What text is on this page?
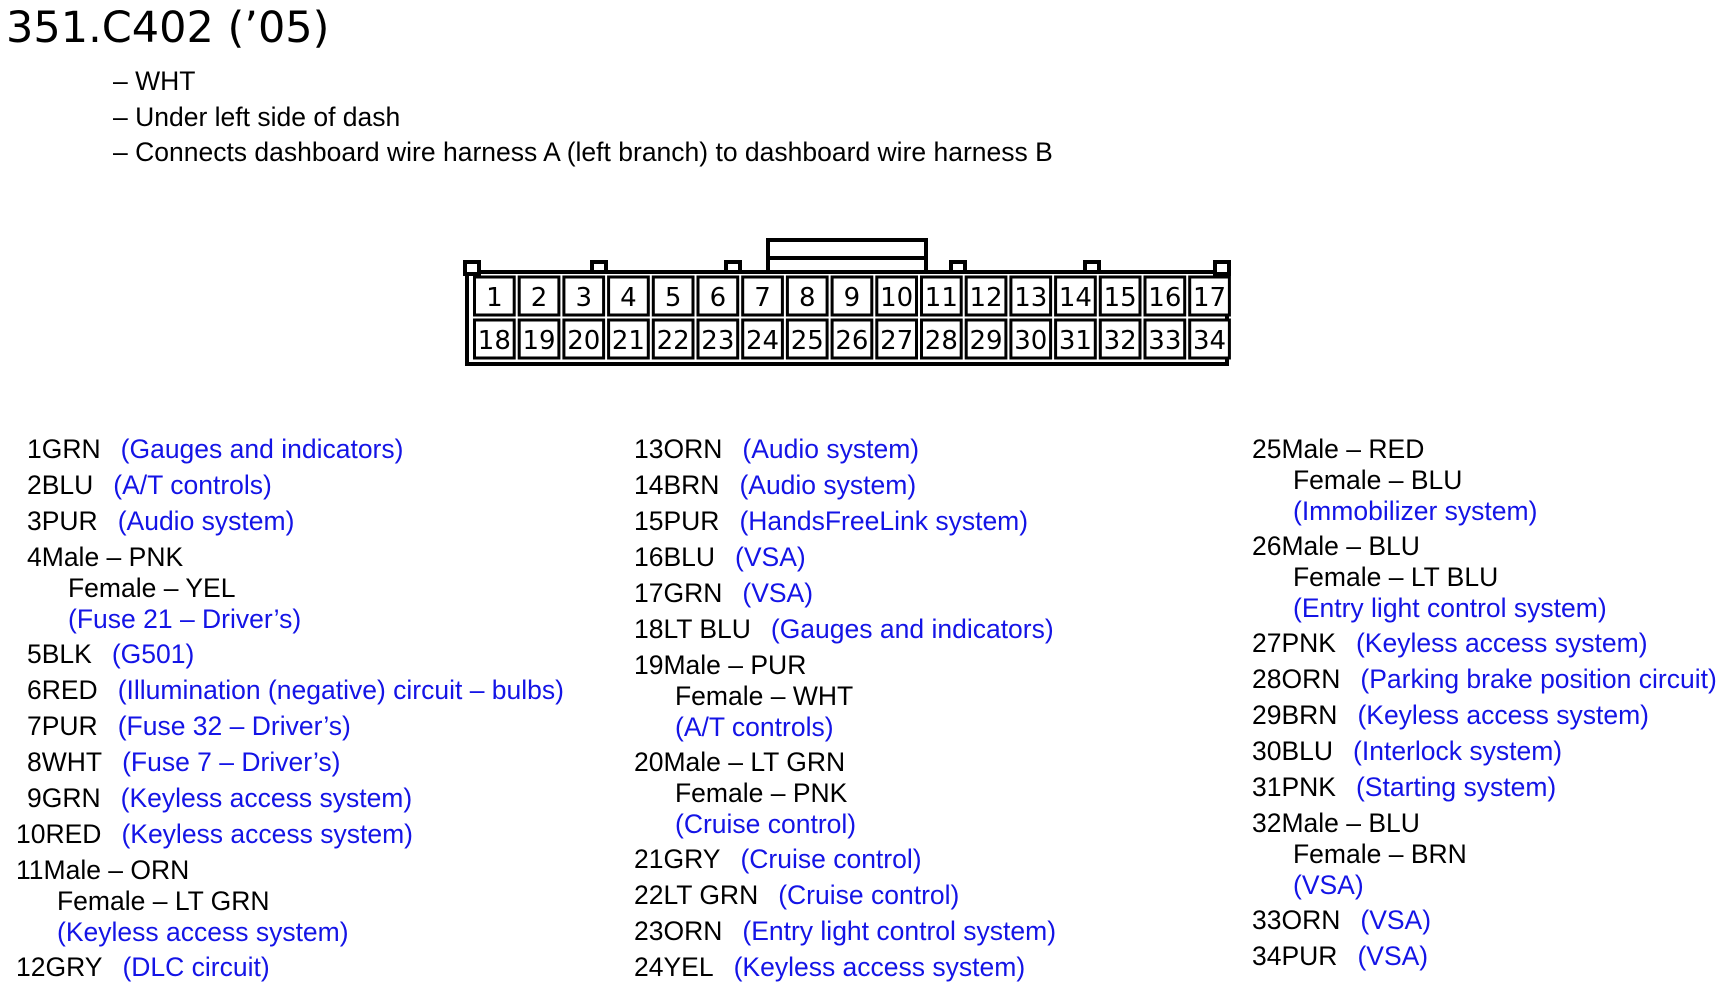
351.C402 (’05)
– WHT
– Under left side of dash
– Connects dashboard wire harness A (left branch) to dashboard wire harness B
1 2 3 4 5 6 7 8 9 10 11 12 13 14 15 16 17
18 19 20 21 22 23 24 25 26 27 28 29 30 31 32 33 34
1GRN (Gauges and indicators)
2BLU (A/T controls)
3PUR (Audio system)
4Male – PNK
Female – YEL
(Fuse 21 – Driver’s)
5BLK (G501)
6RED (Illumination (negative) circuit – bulbs)
7PUR (Fuse 32 – Driver’s)
8WHT (Fuse 7 – Driver’s)
9GRN (Keyless access system)
10RED (Keyless access system)
11Male – ORN
Female – LT GRN
(Keyless access system)
12GRY (DLC circuit)
13ORN (Audio system)
14BRN (Audio system)
15PUR (HandsFreeLink system)
16BLU (VSA)
17GRN (VSA)
18LT BLU (Gauges and indicators)
19Male – PUR
Female – WHT
(A/T controls)
20Male – LT GRN
Female – PNK
(Cruise control)
21GRY (Cruise control)
22LT GRN (Cruise control)
23ORN (Entry light control system)
24YEL (Keyless access system)
25Male – RED
Female – BLU
(Immobilizer system)
26Male – BLU
Female – LT BLU
(Entry light control system)
27PNK (Keyless access system)
28ORN (Parking brake position circuit)
29BRN (Keyless access system)
30BLU (Interlock system)
31PNK (Starting system)
32Male – BLU
Female – BRN
(VSA)
33ORN (VSA)
34PUR (VSA)
